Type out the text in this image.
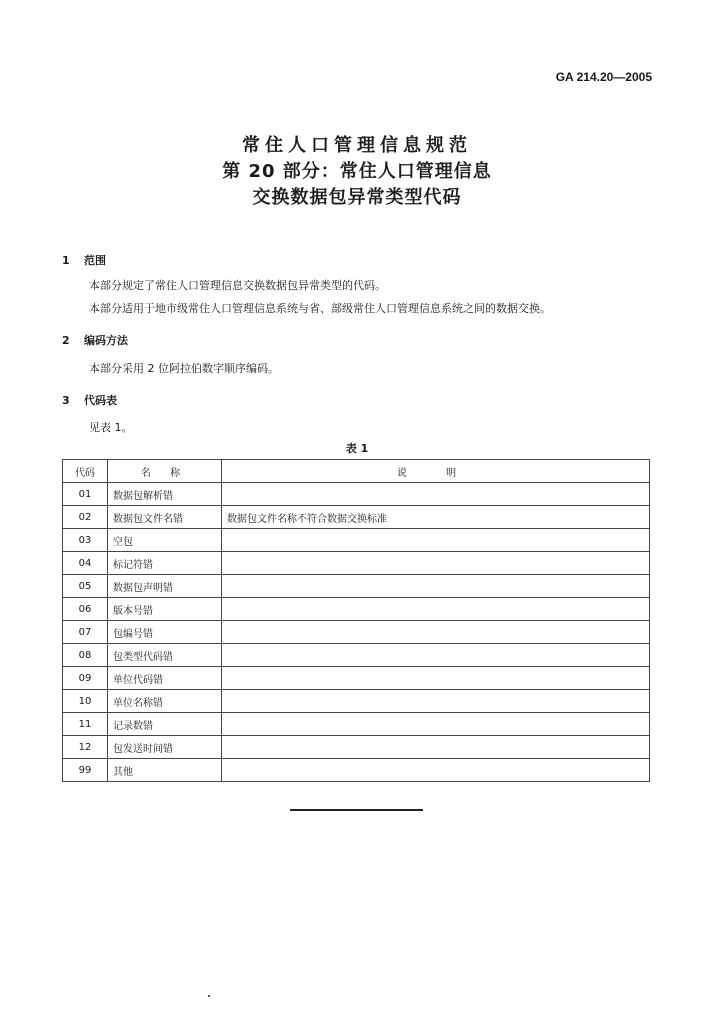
GA 214.20—2005
常住人口管理信息规范
第 20 部分：常住人口管理信息
交换数据包异常类型代码
1 范围
本部分规定了常住人口管理信息交换数据包异常类型的代码。
本部分适用于地市级常住人口管理信息系统与省、部级常住人口管理信息系统之间的数据交换。
2 编码方法
本部分采用 2 位阿拉伯数字顺序编码。
3 代码表
见表 1。
表 1
代码	名 称	说 明
01	数据包解析错	
02	数据包文件名错	数据包文件名称不符合数据交换标准
03	空包	
04	标记符错	
05	数据包声明错	
06	版本号错	
07	包编号错	
08	包类型代码错	
09	单位代码错	
10	单位名称错	
11	记录数错	
12	包发送时间错	
99	其他	
